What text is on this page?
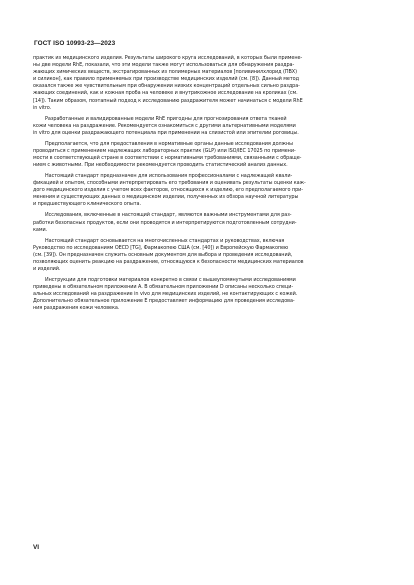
ГОСТ ISO 10993-23—2023

практик из медицинского изделия. Результаты широкого круга исследований, в которых были примене-
ны две модели RhE, показали, что эти модели также могут использоваться для обнаружения раздра-
жающих химических веществ, экстрагированных из полимерных материалов [поливинилхлорид (ПВХ)
и силикон], как правило применяемых при производстве медицинских изделий (см. [8]). Данный метод
оказался также же чувствительным при обнаружении низких концентраций отдельных сильно раздра-
жающих соединений, как и кожная проба на человеке и внутрикожное исследование на кроликах (см.
[14]). Таким образом, поэтапный подход к исследованию раздражителя может начинаться с модели RhE
in vitro.

Разработанные и валидированные модели RhE пригодны для прогнозирования ответа тканей
кожи человека на раздражение. Рекомендуется ознакомиться с другими альтернативными моделями
in vitro для оценки раздражающего потенциала при применении на слизистой или эпителии роговицы.

Предполагается, что для предоставления в нормативные органы данные исследования должны
проводиться с применением надлежащих лабораторных практик (GLP) или ISO/IEC 17025 по примени-
мости в соответствующей стране в соответствии с нормативными требованиями, связанными с обраще-
нием с животными. При необходимости рекомендуется проводить статистический анализ данных.

Настоящий стандарт предназначен для использования профессионалами с надлежащей квали-
фикацией и опытом, способными интерпретировать его требования и оценивать результаты оценки каж-
дого медицинского изделия с учетом всех факторов, относящихся к изделию, его предполагаемого при-
менения и существующих данных о медицинском изделии, полученных из обзора научной литературы
и предшествующего клинического опыта.

Исследования, включенные в настоящий стандарт, являются важными инструментами для раз-
работки безопасных продуктов, если они проводятся и интерпретируются подготовленным сотрудни-
ками.

Настоящий стандарт основывается на многочисленных стандартах и руководствах, включая
Руководство по исследованиям OECD [TG], Фармакопею США (см. [40]) и Европейскую Фармакопею
(см. [39]). Он предназначен служить основным документом для выбора и проведения исследований,
позволяющих оценить реакцию на раздражение, относящуюся к безопасности медицинских материалов
и изделий.

Инструкции для подготовки материалов конкретно в связи с вышеупомянутыми исследованиями
приведены в обязательном приложении А. В обязательном приложении D описаны несколько специ-
альных исследований на раздражение in vivo для медицинских изделий, не контактирующих с кожей.
Дополнительно обязательное приложение Е предоставляет информацию для проведения исследова-
ния раздражения кожи человека.

VI
